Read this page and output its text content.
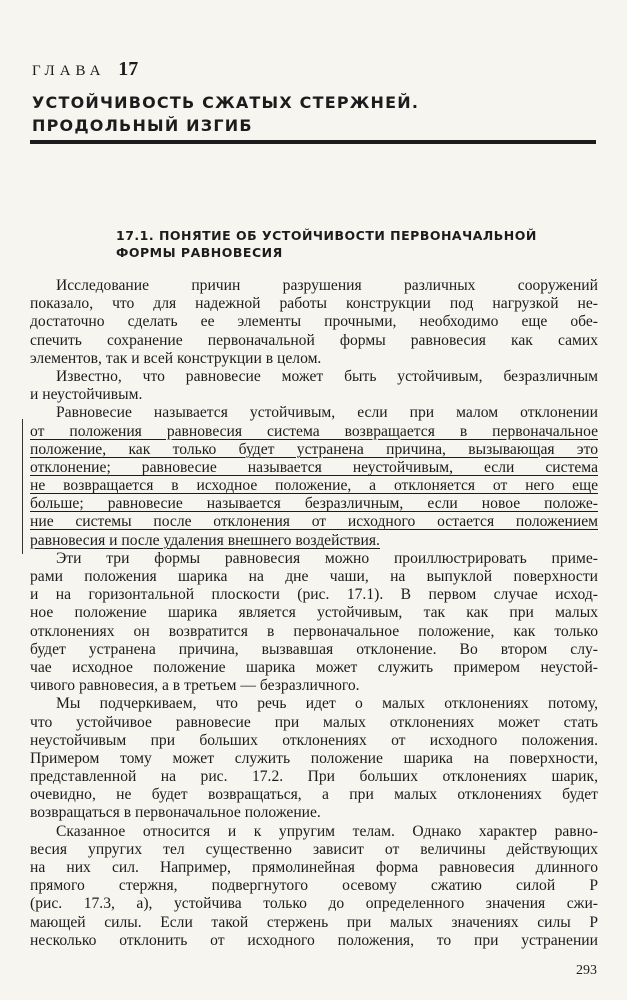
ГЛАВА 17
УСТОЙЧИВОСТЬ СЖАТЫХ СТЕРЖНЕЙ.
ПРОДОЛЬНЫЙ ИЗГИБ
17.1. ПОНЯТИЕ ОБ УСТОЙЧИВОСТИ ПЕРВОНАЧАЛЬНОЙ
ФОРМЫ РАВНОВЕСИЯ
Исследование причин разрушения различных сооружений
показало, что для надежной работы конструкции под нагрузкой не-
достаточно сделать ее элементы прочными, необходимо еще обе-
спечить сохранение первоначальной формы равновесия как самих
элементов, так и всей конструкции в целом.
Известно, что равновесие может быть устойчивым, безразличным
и неустойчивым.
Равновесие называется устойчивым, если при малом отклонении
от положения равновесия система возвращается в первоначальное
положение, как только будет устранена причина, вызывающая это
отклонение; равновесие называется неустойчивым, если система
не возвращается в исходное положение, а отклоняется от него еще
больше; равновесие называется безразличным, если новое положе-
ние системы после отклонения от исходного остается положением
равновесия и после удаления внешнего воздействия.
Эти три формы равновесия можно проиллюстрировать приме-
рами положения шарика на дне чаши, на выпуклой поверхности
и на горизонтальной плоскости (рис. 17.1). В первом случае исход-
ное положение шарика является устойчивым, так как при малых
отклонениях он возвратится в первоначальное положение, как только
будет устранена причина, вызвавшая отклонение. Во втором слу-
чае исходное положение шарика может служить примером неустой-
чивого равновесия, а в третьем — безразличного.
Мы подчеркиваем, что речь идет о малых отклонениях потому,
что устойчивое равновесие при малых отклонениях может стать
неустойчивым при больших отклонениях от исходного положения.
Примером тому может служить положение шарика на поверхности,
представленной на рис. 17.2. При больших отклонениях шарик,
очевидно, не будет возвращаться, а при малых отклонениях будет
возвращаться в первоначальное положение.
Сказанное относится и к упругим телам. Однако характер равно-
весия упругих тел существенно зависит от величины действующих
на них сил. Например, прямолинейная форма равновесия длинного
прямого стержня, подвергнутого осевому сжатию силой P
(рис. 17.3, а), устойчива только до определенного значения сжи-
мающей силы. Если такой стержень при малых значениях силы P
несколько отклонить от исходного положения, то при устранении
293
